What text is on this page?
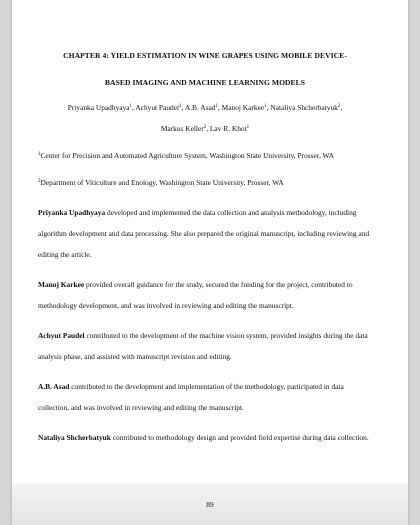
CHAPTER 4: YIELD ESTIMATION IN WINE GRAPES USING MOBILE DEVICE-
BASED IMAGING AND MACHINE LEARNING MODELS
Priyanka Upadhyaya$^1$, Achyut Paudel$^1$, A.B. Asad$^1$, Manoj Karkee$^1$, Nataliya Shcherbatyuk$^2$,
Markus Keller$^2$, Lav R. Khot$^1$
$^1$Center for Precision and Automated Agriculture System, Washington State University, Prosser, WA
$^2$Department of Viticulture and Enology, Washington State University, Prosser, WA

Priyanka Upadhyaya developed and implemented the data collection and analysis methodology, including algorithm development and data processing. She also prepared the original manuscript, including reviewing and editing the article.

Manoj Karkee provided overall guidance for the study, secured the funding for the project, contributed to methodology development, and was involved in reviewing and editing the manuscript.

Achyut Paudel contributed to the development of the machine vision system, provided insights during the data analysis phase, and assisted with manuscript revision and editing.

A.B. Asad contributed to the development and implementation of the methodology, participated in data collection, and was involved in reviewing and editing the manuscript.

Nataliya Shcherbatyuk contributed to methodology design and provided field expertise during data collection.

89
